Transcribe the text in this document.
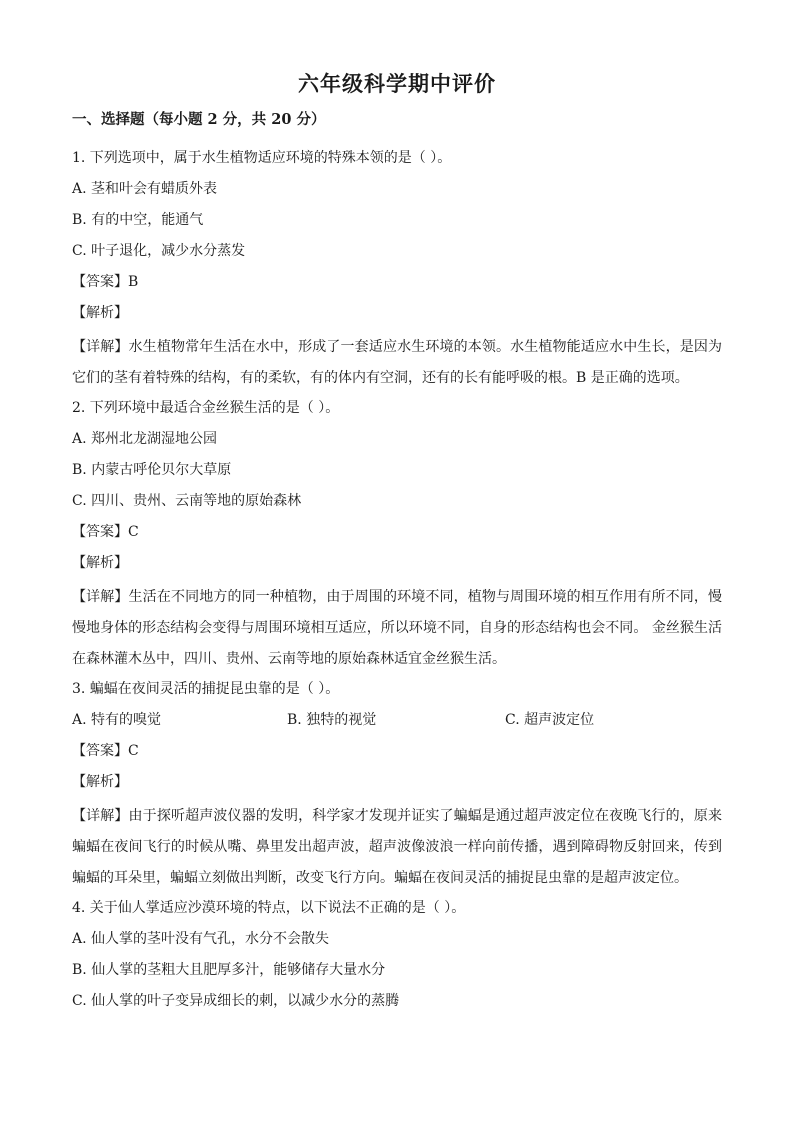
六年级科学期中评价
一、选择题（每小题 2 分，共 20 分）
1. 下列选项中，属于水生植物适应环境的特殊本领的是（ ）。
A. 茎和叶会有蜡质外表
B. 有的中空，能通气
C. 叶子退化，减少水分蒸发
【答案】B
【解析】
【详解】水生植物常年生活在水中，形成了一套适应水生环境的本领。水生植物能适应水中生长，是因为它们的茎有着特殊的结构，有的柔软，有的体内有空洞，还有的长有能呼吸的根。B 是正确的选项。
2. 下列环境中最适合金丝猴生活的是（ ）。
A. 郑州北龙湖湿地公园
B. 内蒙古呼伦贝尔大草原
C. 四川、贵州、云南等地的原始森林
【答案】C
【解析】
【详解】生活在不同地方的同一种植物，由于周围的环境不同，植物与周围环境的相互作用有所不同，慢慢地身体的形态结构会变得与周围环境相互适应，所以环境不同，自身的形态结构也会不同。 金丝猴生活在森林灌木丛中，四川、贵州、云南等地的原始森林适宜金丝猴生活。
3. 蝙蝠在夜间灵活的捕捉昆虫靠的是（ ）。
A. 特有的嗅觉	B. 独特的视觉	C. 超声波定位
【答案】C
【解析】
【详解】由于探听超声波仪器的发明，科学家才发现并证实了蝙蝠是通过超声波定位在夜晚飞行的，原来蝙蝠在夜间飞行的时候从嘴、鼻里发出超声波，超声波像波浪一样向前传播，遇到障碍物反射回来，传到蝙蝠的耳朵里，蝙蝠立刻做出判断，改变飞行方向。蝙蝠在夜间灵活的捕捉昆虫靠的是超声波定位。
4. 关于仙人掌适应沙漠环境的特点，以下说法不正确的是（ ）。
A. 仙人掌的茎叶没有气孔，水分不会散失
B. 仙人掌的茎粗大且肥厚多汁，能够储存大量水分
C. 仙人掌的叶子变异成细长的刺，以减少水分的蒸腾
